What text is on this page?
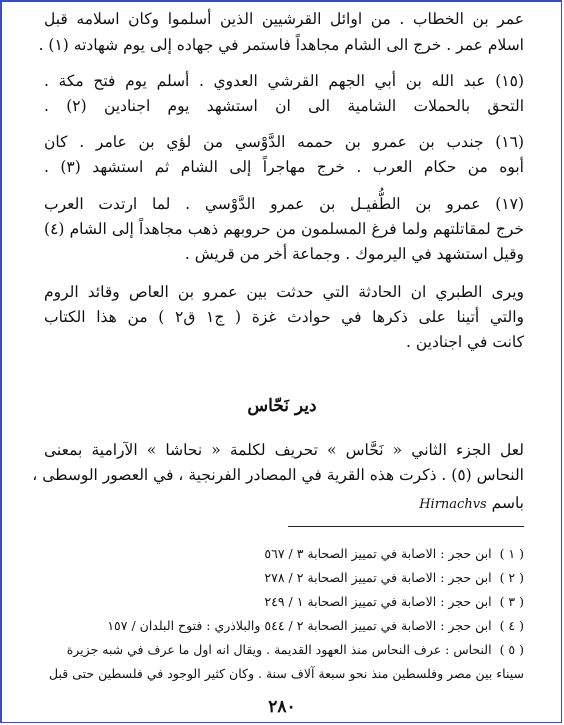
عمر بن الخطاب . من اوائل القرشيين الذين أسلموا وكان اسلامه قبل
اسلام عمر . خرج الى الشام مجاهداً فاستمر في جهاده إلى يوم شهادته (١) .
(١٥) عبد الله بن أبي الجهم القرشي العدوي . أسلم يوم فتح مكة .
التحق بالحملات الشامية الى ان استشهد يوم اجنادين (٢) .
(١٦) جندب بن عمرو بن حممه الدَّوْسي من لؤي بن عامر . كان
أبوه من حكام العرب . خرج مهاجراً إلى الشام ثم استشهد (٣) .
(١٧) عمرو بن الطُّفيـل بن عمرو الدَّوْسي . لما ارتدت العرب
خرج لمقاتلتهم ولما فرغ المسلمون من حروبهم ذهب مجاهداً إلى الشام (٤)
وقيل استشهد في اليرموك . وجماعة أخر من قريش .
ويرى الطبري ان الحادثة التي حدثت بين عمرو بن العاص وقائد الروم
والتي أتينا على ذكرها في حوادث غزة ( ج١ ق٢ ) من هذا الكتاب
كانت في اجنادين .
دير نَحّاس
لعل الجزء الثاني « نَحَّاس » تحريف لكلمة « نحاشا » الآرامية بمعنى
النحاس (٥) . ذكرت هذه القرية في المصادر الفرنجية ، في العصور الوسطى ،
باسم Hirnachvs
( ١ )ابن حجر : الاصابة في تمييز الصحابة ٣ / ٥٦٧
( ٢ )ابن حجر : الاصابة في تمييز الصحابة ٢ / ٢٧٨
( ٣ )ابن حجر : الاصابة في تمييز الصحابة ١ / ٢٤٩
( ٤ )ابن حجر : الاصابة في تمييز الصحابة ٢ / ٥٤٤ والبلاذري : فتوح البلدان / ١٥٧
( ٥ )النحاس : عرف النحاس منذ العهود القديمة . ويقال انه اول ما عرف في شبه جزيرة
سيناء بين مصر وفلسطين منذ نحو سبعة آلاف سنة . وكان كثير الوجود في فلسطين حتى قبل
٢٨٠
